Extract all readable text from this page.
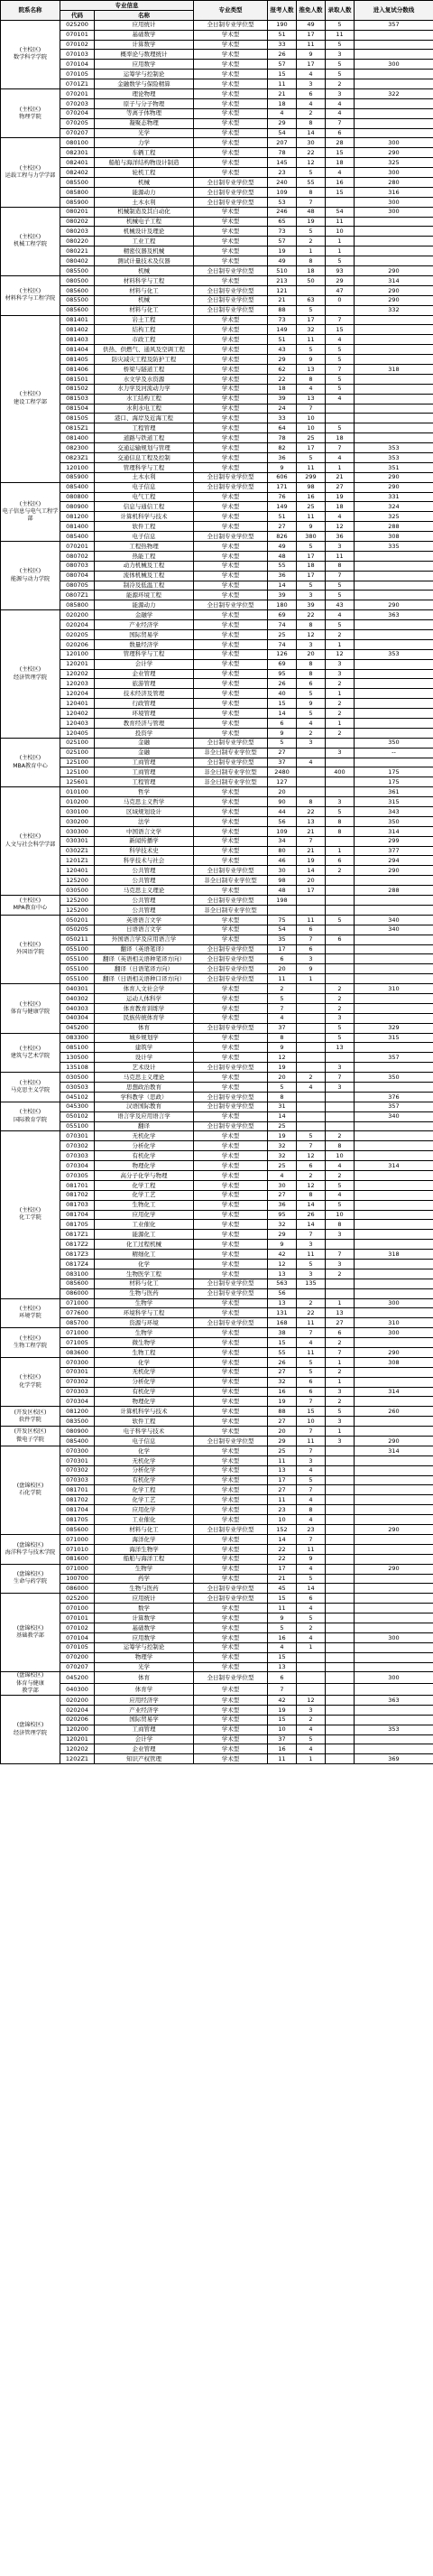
院系名称	专业信息		专业类型	报考人数	推免人数	录取人数	进入复试分数线
	代码	名称					
(主校区)
数学科学学院	025200	应用统计	全日制专业学位型	190	49	5	357
	070101	基础数学	学术型	51	17	11	
	070102	计算数学	学术型	33	11	5	
	070103	概率论与数理统计	学术型	26	9	3	
	070104	应用数学	学术型	57	17	5	300
	070105	运筹学与控制论	学术型	15	4	5	
	0701Z1	金融数学与保险精算	学术型	11	3	2	
(主校区)
物理学院	070201	理论物理	学术型	21	6	3	322
	070203	原子与分子物理	学术型	18	4	4	
	070204	等离子体物理	学术型	4	2	4	
	070205	凝聚态物理	学术型	29	8	7	
	070207	光学	学术型	54	14	6	
(主校区)
运载工程与力学学部	080100	力学	学术型	207	30	28	300
	082301	车辆工程	学术型	78	22	15	290
	082401	船舶与海洋结构物设计制造	学术型	145	12	18	325
	082402	轮机工程	学术型	23	5	4	300
	085500	机械	全日制专业学位型	240	55	16	280
	085800	能源动力	全日制专业学位型	109	8	15	316
	085900	土木水利	全日制专业学位型	53	7		300
(主校区)
机械工程学院	080201	机械制造及其自动化	学术型	246	48	54	300
	080202	机械电子工程	学术型	65	19	11	
	080203	机械设计及理论	学术型	73	5	10	
	080220	工业工程	学术型	57	2	1	
	080221	精密仪器及机械	学术型	19	1	1	
	080402	测试计量技术及仪器	学术型	49	8	5	
	085500	机械	全日制专业学位型	510	18	93	290
(主校区)
材料科学与工程学院	080500	材料科学与工程	学术型	213	50	29	314
	085600	材料与化工	全日制专业学位型	121		47	290
	085500	机械	全日制专业学位型	21	63	0	290
	085600	材料与化工	全日制专业学位型	88	5		332
(主校区)
建设工程学部	081401	岩土工程	学术型	73	17	7	
	081402	结构工程	学术型	149	32	15	
	081403	市政工程	学术型	51	11	4	
	081404	供热、供燃气、通风及空调工程	学术型	43	5	5	
	081405	防灾减灾工程及防护工程	学术型	29	9	5	
	081406	桥梁与隧道工程	学术型	62	13	7	318
	081501	水文学及水资源	学术型	22	8	5	
	081502	水力学及河流动力学	学术型	18	4	5	
	081503	水工结构工程	学术型	39	13	4	
	081504	水利水电工程	学术型	24	7		
	081505	港口、海岸及近海工程	学术型	33	10		
	0815Z1	工程管理	学术型	64	10	5	
	081400	道路与铁道工程	学术型	78	25	18	
	082300	交通运输规划与管理	学术型	82	17	7	353
	0823Z1	交通信息工程及控制	学术型	36	5	4	353
	120100	管理科学与工程	学术型	9	11	1	351
	085900	土木水利	全日制专业学位型	606	299	21	290
(主校区)
电子信息与电气工程学部	085400	电子信息	全日制专业学位型	171	98	27	290
	080800	电气工程	学术型	76	16	19	331
	080900	信息与通信工程	学术型	149	25	18	324
	081200	计算机科学与技术	学术型	51	11	4	325
	081400	软件工程	学术型	27	9	12	288
	085400	电子信息	全日制专业学位型	826	380	36	308
(主校区)
能源与动力学院	070201	工程热物理	学术型	49	5	3	335
	080702	热能工程	学术型	48	17	11	
	080703	动力机械及工程	学术型	55	18	8	
	080704	流体机械及工程	学术型	36	17	7	
	080705	制冷及低温工程	学术型	14	5	5	
	0807Z1	能源环境工程	学术型	39	3	5	
	085800	能源动力	全日制专业学位型	180	39	43	290
(主校区)
经济管理学院	020200	金融学	学术型	69	22	4	363
	020204	产业经济学	学术型	74	8	5	
	020205	国际贸易学	学术型	25	12	2	
	020206	数量经济学	学术型	74	3	1	
	120100	管理科学与工程	学术型	126	20	12	353
	120201	会计学	学术型	69	8	3	
	120202	企业管理	学术型	95	8	3	
	120203	旅游管理	学术型	26	6	2	
	120204	技术经济及管理	学术型	40	5	1	
	120401	行政管理	学术型	15	9	2	
	120402	环境管理	学术型	14	5	2	
	120403	教育经济与管理	学术型	6	4	1	
	120405	投资学	学术型	9	2	2	
(主校区)
MBA教育中心	025100	金融	全日制专业学位型	5	3		350
	025100	金融	非全日制专业学位型	27		3	--
	125100	工商管理	全日制专业学位型	37	4		
	125100	工商管理	非全日制专业学位型	2480		400	175
	125601	工程管理	非全日制专业学位型	127			175
(主校区)
人文与社会科学学部	010100	哲学	学术型	20			361
	010200	马克思主义哲学	学术型	90	8	3	315
	030100	区域规划设计	学术型	44	22	5	343
	030200	法学	学术型	56	13	8	350
	030300	中国语言文学	学术型	109	21	8	314
	030301	新闻传播学	学术型	34	7		299
	0302Z1	科学技术史	学术型	80	21	1	377
	1201Z1	科学技术与社会	学术型	46	19	6	294
	120401	公共管理	全日制专业学位型	30	14	2	290
	125200	公共管理	非全日制专业学位型	98	20		
	030500	马克思主义理论	学术型	48	17		288
(主校区)
MPA教育中心	125200	公共管理	全日制专业学位型	198			
	125200	公共管理	非全日制专业学位型				
(主校区)
外国语学院	050201	英语语言文学	学术型	75	11	5	340
	050205	日语语言文学	学术型	54	6		340
	050211	外国语言学及应用语言学	学术型	35	7	6	
	055100	翻译（英语笔译）	全日制专业学位型	17	6		
	055100	翻译（英语相关语种笔译方向）	全日制专业学位型	6	3		
	055100	翻译（日语笔译方向）	全日制专业学位型	20	9		
	055100	翻译（日语相关语种口译方向）	全日制专业学位型	11	1		
(主校区)
体育与健康学院	040301	体育人文社会学	学术型	2		2	310
	040302	运动人体科学	学术型	5		2	
	040303	体育教育训练学	学术型	7		2	
	040304	民族传统体育学	学术型	4		3	
	045200	体育	全日制专业学位型	37		5	329
(主校区)
建筑与艺术学院	083300	城乡规划学	学术型	8		5	315
	085100	建筑学	学术型	9		13	
	130500	设计学	学术型	12			357
	135108	艺术设计	全日制专业学位型	19		3	
(主校区)
马克思主义学院	030500	马克思主义理论	学术型	20	2	7	350
	030503	思想政治教育	学术型	5	4	3	
	045102	学科教学（思政）	全日制专业学位型	8			376
(主校区)
国际教育学院	045300	汉语国际教育	全日制专业学位型	31			357
	050102	语言学及应用语言学	学术型	14			340
	055100	翻译	全日制专业学位型	25			
(主校区)
化工学院	070301	无机化学	学术型	19	5	2	
	070302	分析化学	学术型	32	7	8	
	070303	有机化学	学术型	32	12	10	
	070304	物理化学	学术型	25	6	4	314
	070305	高分子化学与物理	学术型	4	2	2	
	081701	化学工程	学术型	30	12	5	
	081702	化学工艺	学术型	27	8	4	
	081703	生物化工	学术型	36	14	5	
	081704	应用化学	学术型	95	26	10	
	081705	工业催化	学术型	32	14	8	
	0817Z1	能源化工	学术型	29	7	3	
	0817Z2	化工过程机械	学术型	9	3		
	0817Z3	精细化工	学术型	42	11	7	318
	0817Z4	化学	学术型	12	5	3	
	083100	生物医学工程	学术型	13	3	2	
	085600	材料与化工	全日制专业学位型	563	135		
	086000	生物与医药	全日制专业学位型	56			
(主校区)
环境学院	071000	生物学	学术型	13	2	1	300
	077600	环境科学与工程	学术型	131	22	13	
	085700	资源与环境	全日制专业学位型	168	11	27	310
(主校区)
生物工程学院	071000	生物学	学术型	38	7	6	300
	071005	微生物学	学术型	15	4	2	
	083600	生物工程	学术型	55	11	7	290
(主校区)
化学学院	070300	化学	学术型	26	5	1	308
	070301	无机化学	学术型	27	5	2	
	070302	分析化学	学术型	32	6	1	
	070303	有机化学	学术型	16	6	3	314
	070304	物理化学	学术型	19	7	2	
(开发区校区)
软件学院	081200	计算机科学与技术	学术型	88	15	5	260
	083500	软件工程	学术型	27	10	3	
(开发区校区)
微电子学院	080900	电子科学与技术	学术型	20	7	1	
	085400	电子信息	全日制专业学位型	29	11	3	290
(盘锦校区)
石化学院	070300	化学	学术型	25	7		314
	070301	无机化学	学术型	11	3		
	070302	分析化学	学术型	13	4		
	070303	有机化学	学术型	17	5		
	081701	化学工程	学术型	27	7		
	081702	化学工艺	学术型	11	4		
	081704	应用化学	学术型	23	8		
	081705	工业催化	学术型	10	4		
	085600	材料与化工	全日制专业学位型	152	23		290
(盘锦校区)
海洋科学与技术学院	071000	海洋化学	学术型	14	7		
	071010	海洋生物学	学术型	22	11		
	081600	船舶与海洋工程	学术型	22	9		
(盘锦校区)
生命与药学院	071000	生物学	学术型	17	4		290
	100700	药学	学术型	21	5		
	086000	生物与医药	全日制专业学位型	45	14		
(盘锦校区)
基础教学部	025200	应用统计	全日制专业学位型	15	6		
	070100	数学	学术型	11	4		
	070101	计算数学	学术型	9	5		
	070102	基础数学	学术型	5	2		
	070104	应用数学	学术型	16	4		300
	070105	运筹学与控制论	学术型	4	1		
	070200	物理学	学术型	15			
	070207	光学	学术型	13			
(盘锦校区)
体育与健康
教学部	045200	体育	全日制专业学位型	6			300
	040300	体育学	学术型	7			
(盘锦校区)
经济管理学院	020200	应用经济学	学术型	42	12		363
	020204	产业经济学	学术型	19	3		
	020206	国际贸易学	学术型	15	2		
	120200	工商管理	学术型	10	4		353
	120201	会计学	学术型	37	5		
	120202	企业管理	学术型	16	4		
	1202Z1	知识产权管理	学术型	11	1		369
